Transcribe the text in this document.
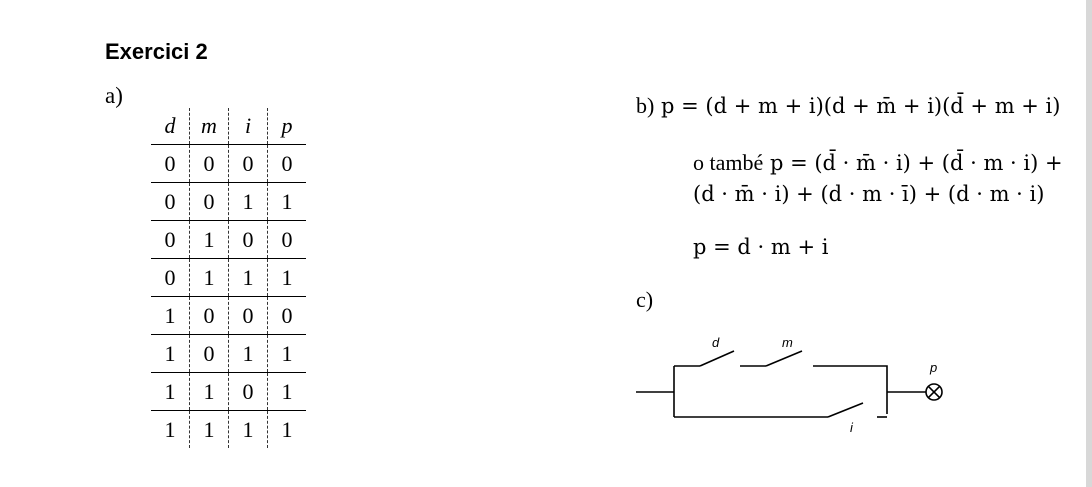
Exercici 2
a)
d	m	i	p
0	0	0	0
0	0	1	1
0	1	0	0
0	1	1	1
1	0	0	0
1	0	1	1
1	1	0	1
1	1	1	1
b) p = (d + m + i)(d + m̄ + i)(d̄ + m + i)
o també p = (d̄ · m̄ · i) + (d̄ · m · i) +
(d · m̄ · i) + (d · m · ī) + (d · m · i)
p = d · m + i
c)
d	m
i
p
